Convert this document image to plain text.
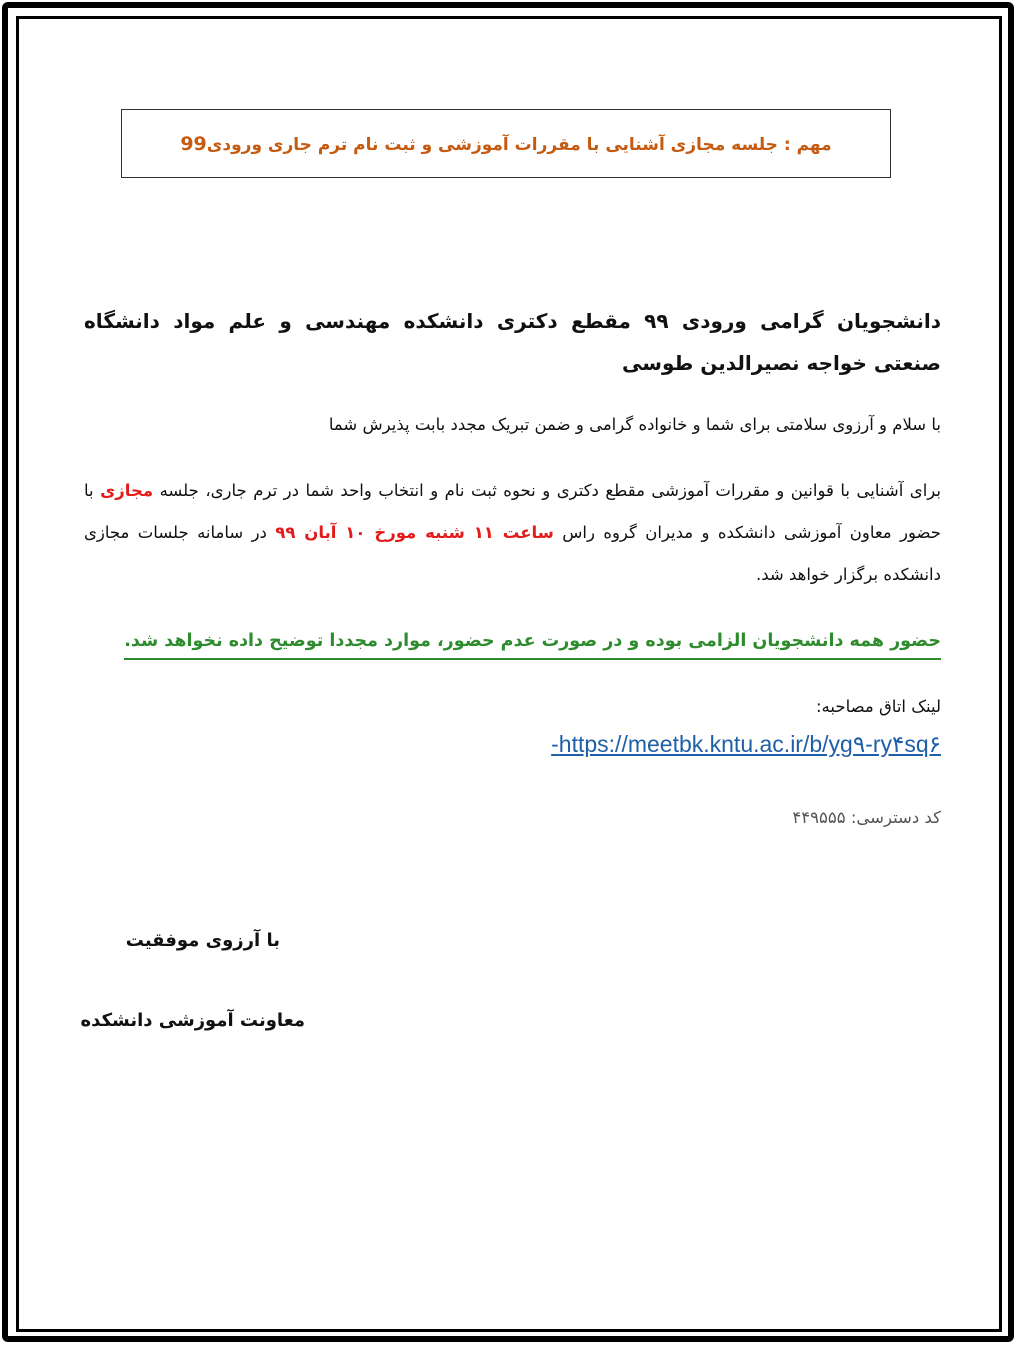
مهم : جلسه مجازی آشنایی با مقررات آموزشی و ثبت نام ترم جاری ورودی99

دانشجویان گرامی ورودی ۹۹ مقطع دکتری دانشکده مهندسی و علم مواد دانشگاه صنعتی خواجه نصیرالدین طوسی

با سلام و آرزوی سلامتی برای شما و خانواده گرامی و ضمن تبریک مجدد بابت پذیرش شما

برای آشنایی با قوانین و مقررات آموزشی مقطع دکتری و نحوه ثبت نام و انتخاب واحد شما در ترم جاری، جلسه مجازی با حضور معاون آموزشی دانشکده و مدیران گروه راس ساعت ۱۱ شنبه مورخ ۱۰ آبان ۹۹ در سامانه جلسات مجازی دانشکده برگزار خواهد شد.

حضور همه دانشجویان الزامی بوده و در صورت عدم حضور، موارد مجددا توضیح داده نخواهد شد.

لینک اتاق مصاحبه:

https://meetbk.kntu.ac.ir/b/yg‍۹-ry۴sq۶-

کد دسترسی: ۴۴۹۵۵۵

با آرزوی موفقیت
معاونت آموزشی دانشکده
